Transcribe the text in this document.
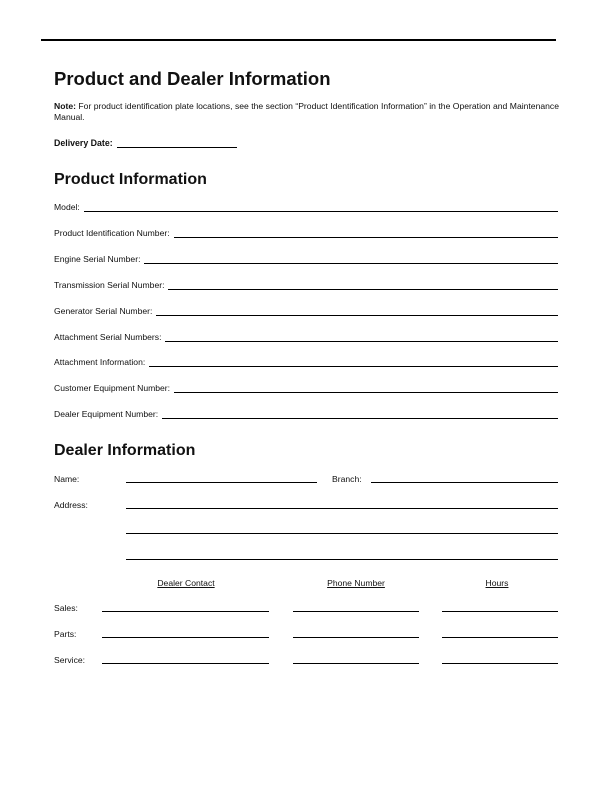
Product and Dealer Information
Note: For product identification plate locations, see the section “Product Identification Information” in the Operation and Maintenance Manual.
Delivery Date:
Product Information
Model:
Product Identification Number:
Engine Serial Number:
Transmission Serial Number:
Generator Serial Number:
Attachment Serial Numbers:
Attachment Information:
Customer Equipment Number:
Dealer Equipment Number:
Dealer Information
Name:	Branch:
Address:
Dealer Contact	Phone Number	Hours
Sales:
Parts:
Service:
